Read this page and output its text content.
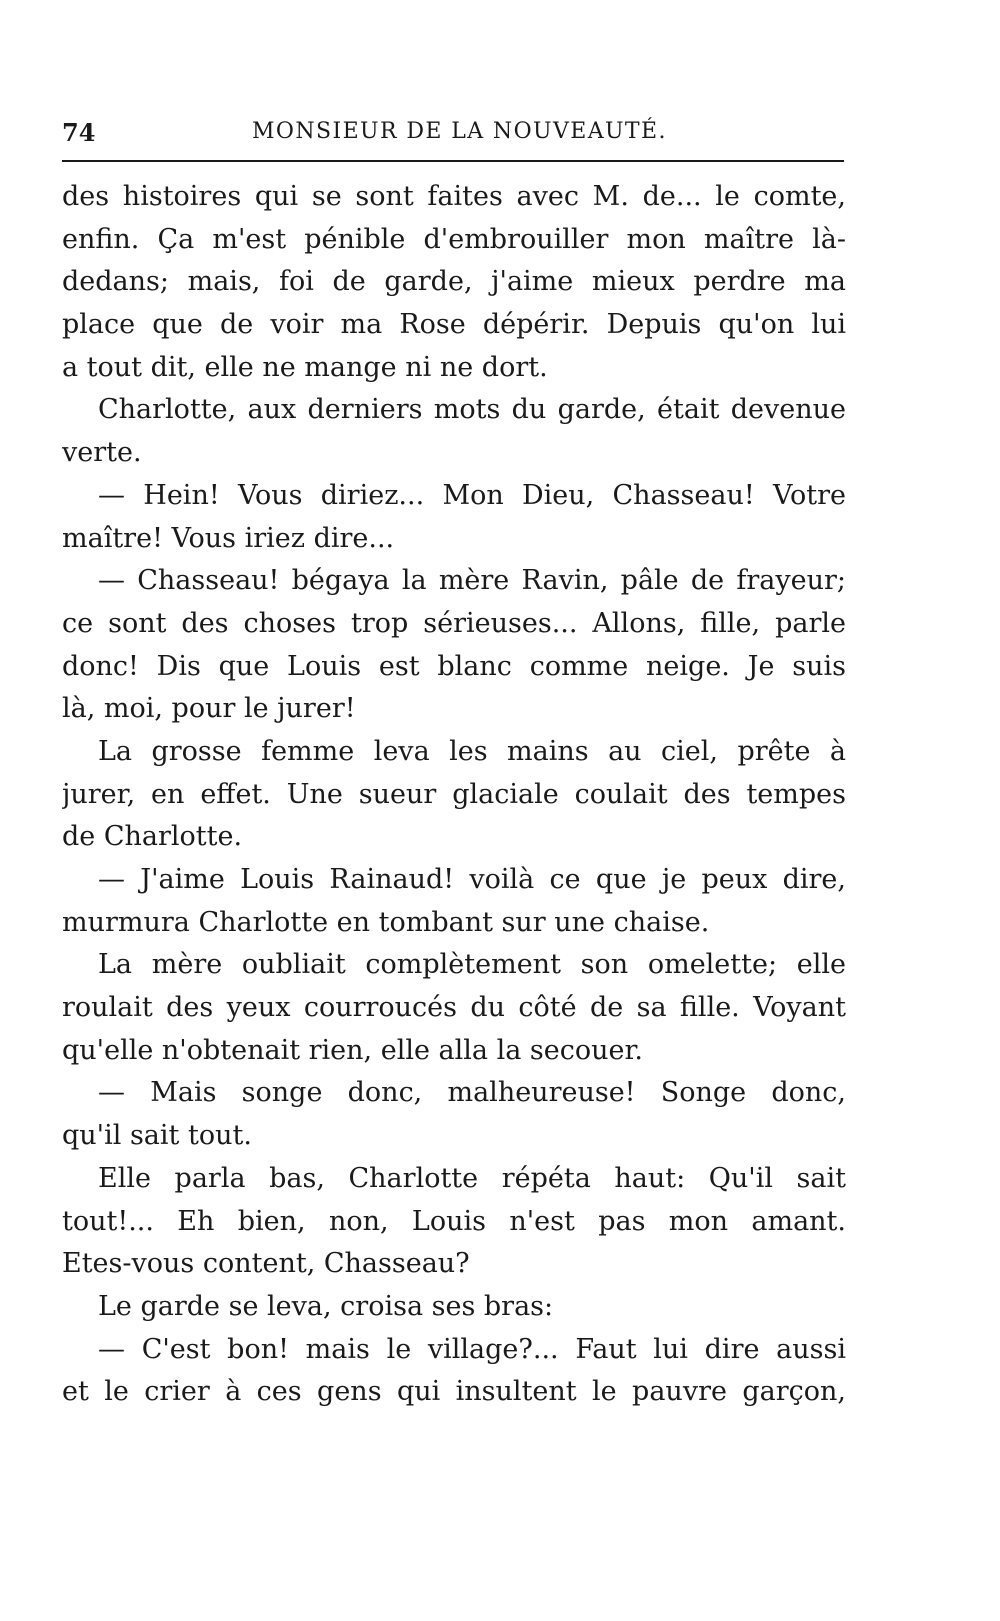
74	MONSIEUR DE LA NOUVEAUTÉ.
des histoires qui se sont faites avec M. de... le comte,
enfin. Ça m'est pénible d'embrouiller mon maître là-
dedans; mais, foi de garde, j'aime mieux perdre ma
place que de voir ma Rose dépérir. Depuis qu'on lui
a tout dit, elle ne mange ni ne dort.
Charlotte, aux derniers mots du garde, était devenue
verte.
— Hein! Vous diriez... Mon Dieu, Chasseau! Votre
maître! Vous iriez dire...
— Chasseau! bégaya la mère Ravin, pâle de frayeur;
ce sont des choses trop sérieuses... Allons, fille, parle
donc! Dis que Louis est blanc comme neige. Je suis
là, moi, pour le jurer!
La grosse femme leva les mains au ciel, prête à
jurer, en effet. Une sueur glaciale coulait des tempes
de Charlotte.
— J'aime Louis Rainaud! voilà ce que je peux dire,
murmura Charlotte en tombant sur une chaise.
La mère oubliait complètement son omelette; elle
roulait des yeux courroucés du côté de sa fille. Voyant
qu'elle n'obtenait rien, elle alla la secouer.
— Mais songe donc, malheureuse! Songe donc,
qu'il sait tout.
Elle parla bas, Charlotte répéta haut: Qu'il sait
tout!... Eh bien, non, Louis n'est pas mon amant.
Etes-vous content, Chasseau?
Le garde se leva, croisa ses bras:
— C'est bon! mais le village?... Faut lui dire aussi
et le crier à ces gens qui insultent le pauvre garçon,
